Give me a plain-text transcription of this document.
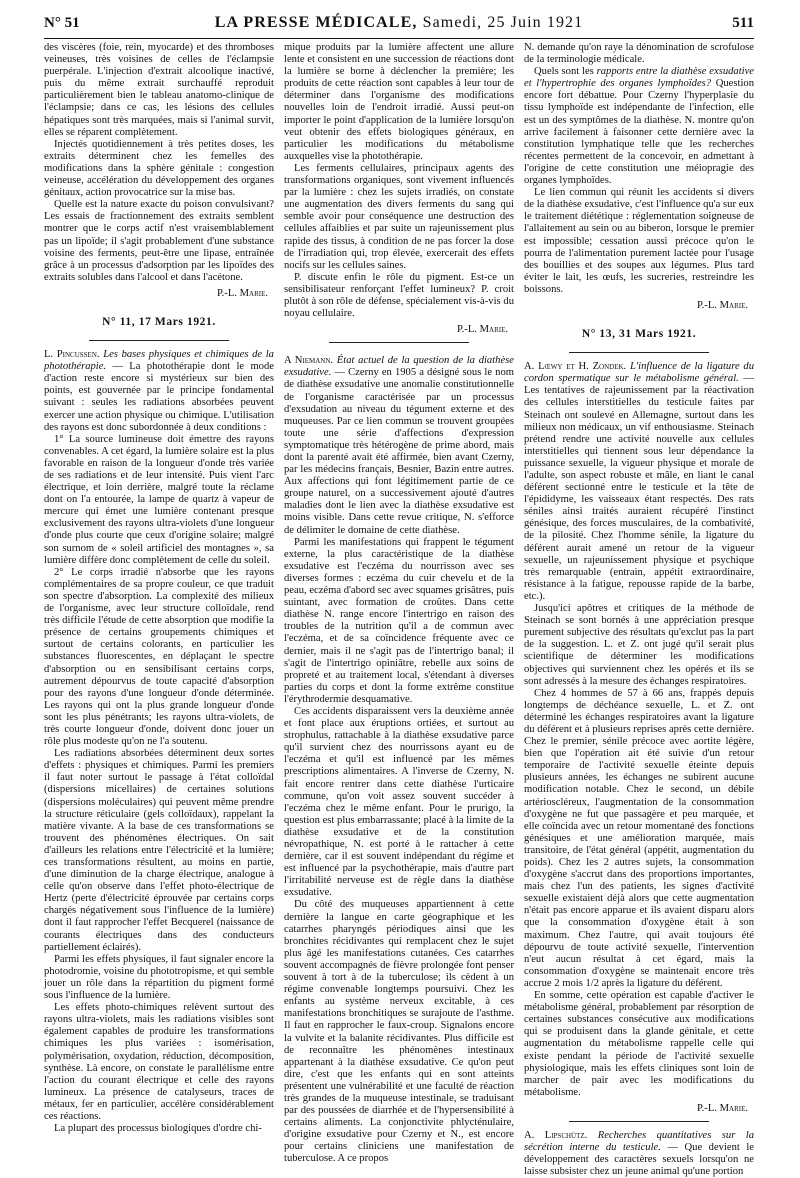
N° 51	LA PRESSE MÉDICALE, Samedi, 25 Juin 1921	511

des viscères (foie, rein, myocarde) et des thromboses veineuses, très voisines de celles de l'éclampsie puerpérale. L'injection d'extrait alcoolique inactivé, puis du même extrait surchauffé reproduit particulièrement bien le tableau anatomo-clinique de l'éclampsie; dans ce cas, les lésions des cellules hépatiques sont très marquées, mais si l'animal survit, elles se réparent complètement.

Injectés quotidiennement à très petites doses, les extraits déterminent chez les femelles des modifications dans la sphère génitale : congestion veineuse, accélération du développement des organes génitaux, action provocatrice sur la mise bas.

Quelle est la nature exacte du poison convulsivant? Les essais de fractionnement des extraits semblent montrer que le corps actif n'est vraisemblablement pas un lipoïde; il s'agit probablement d'une substance voisine des ferments, peut-être une lipase, entraînée grâce à un processus d'adsorption par les lipoïdes des extraits solubles dans l'alcool et dans l'acétone.

P.-L. Marie.
N° 11, 17 Mars 1921.

L. Pincussen. Les bases physiques et chimiques de la photothérapie. — La photothérapie dont le mode d'action reste encore si mystérieux sur bien des points, est gouvernée par le principe fondamental suivant : seules les radiations absorbées peuvent exercer une action physique ou chimique. L'utilisation des rayons est donc subordonnée à deux conditions :

1° La source lumineuse doit émettre des rayons convenables. A cet égard, la lumière solaire est la plus favorable en raison de la longueur d'onde très variée de ses radiations et de leur intensité. Puis vient l'arc électrique, et loin derrière, malgré toute la réclame dont on l'a entourée, la lampe de quartz à vapeur de mercure qui émet une lumière contenant presque exclusivement des rayons ultra-violets d'une longueur d'onde plus courte que ceux d'origine solaire; malgré son surnom de « soleil artificiel des montagnes », sa lumière diffère donc complètement de celle du soleil.

2° Le corps irradié n'absorbe que les rayons complémentaires de sa propre couleur, ce que traduit son spectre d'absorption. La complexité des milieux de l'organisme, avec leur structure colloïdale, rend très difficile l'étude de cette absorption que modifie la présence de certains groupements chimiques et surtout de certains colorants, en particulier les substances fluorescentes, en déplaçant le spectre d'absorption ou en sensibilisant certains corps, autrement dépourvus de toute capacité d'absorption pour des rayons d'une longueur d'onde déterminée. Les rayons qui ont la plus grande longueur d'onde sont les plus pénétrants; les rayons ultra-violets, de très courte longueur d'onde, doivent donc jouer un rôle plus modeste qu'on ne l'a soutenu.

Les radiations absorbées déterminent deux sortes d'effets : physiques et chimiques. Parmi les premiers il faut noter surtout le passage à l'état colloïdal (dispersions micellaires) de certaines solutions (dispersions moléculaires) qui peuvent même prendre la structure réticulaire (gels colloïdaux), rappelant la matière vivante. A la base de ces transformations se trouvent des phénomènes électriques. On sait d'ailleurs les relations entre l'électricité et la lumière; ces transformations résultent, au moins en partie, d'une diminution de la charge électrique, analogue à celle qu'on observe dans l'effet photo-électrique de Hertz (perte d'électricité éprouvée par certains corps chargés négativement sous l'influence de la lumière) dont il faut rapprocher l'effet Becquerel (naissance de courants électriques dans des conducteurs partiellement éclairés).

Parmi les effets physiques, il faut signaler encore la photodromie, voisine du phototropisme, et qui semble jouer un rôle dans la répartition du pigment formé sous l'influence de la lumière.

Les effets photo-chimiques relèvent surtout des rayons ultra-violets, mais les radiations visibles sont également capables de produire les transformations chimiques les plus variées : isomérisation, polymérisation, oxydation, réduction, décomposition, synthèse. Là encore, on constate le parallélisme entre l'action du courant électrique et celle des rayons lumineux. La présence de catalyseurs, traces de métaux, fer en particulier, accélère considérablement ces réactions.

La plupart des processus biologiques d'ordre chi-

mique produits par la lumière affectent une allure lente et consistent en une succession de réactions dont la lumière se borne à déclencher la première; les produits de cette réaction sont capables à leur tour de déterminer dans l'organisme des modifications nouvelles loin de l'endroit irradié. Aussi peut-on importer le point d'application de la lumière lorsqu'on veut obtenir des effets biologiques généraux, en particulier les modifications du métabolisme auxquelles vise la photothérapie.

Les ferments cellulaires, principaux agents des transformations organiques, sont vivement influencés par la lumière : chez les sujets irradiés, on constate une augmentation des divers ferments du sang qui semble avoir pour conséquence une destruction des cellules affaiblies et par suite un rajeunissement plus rapide des tissus, à condition de ne pas forcer la dose de l'irradiation qui, trop élevée, exercerait des effets nocifs sur les cellules saines.

P. discute enfin le rôle du pigment. Est-ce un sensibilisateur renforçant l'effet lumineux? P. croit plutôt à son rôle de défense, spécialement vis-à-vis du noyau cellulaire.

P.-L. Marie.

A Niemann. État actuel de la question de la diathèse exsudative. — Czerny en 1905 a désigné sous le nom de diathèse exsudative une anomalie constitutionnelle de l'organisme caractérisée par un processus d'exsudation au niveau du tégument externe et des muqueuses. Par ce lien commun se trouvent groupées toute une série d'affections d'expression symptomatique très hétérogène de prime abord, mais dont la parenté avait été affirmée, bien avant Czerny, par les médecins français, Besnier, Bazin entre autres. Aux affections qui font légitimement partie de ce groupe naturel, on a successivement ajouté d'autres maladies dont le lien avec la diathèse exsudative est moins visible. Dans cette revue critique, N. s'efforce de délimiter le domaine de cette diathèse.

Parmi les manifestations qui frappent le tégument externe, la plus caractéristique de la diathèse exsudative est l'eczéma du nourrisson avec ses diverses formes : eczéma du cuir chevelu et de la peau, eczéma d'abord sec avec squames grisâtres, puis suintant, avec formation de croûtes. Dans cette diathèse N. range encore l'intertrigo en raison des troubles de la nutrition qu'il a de commun avec l'eczéma, et de sa coïncidence fréquente avec ce dernier, mais il ne s'agit pas de l'intertrigo banal; il s'agit de l'intertrigo opiniâtre, rebelle aux soins de propreté et au traitement local, s'étendant à diverses parties du corps et dont la forme extrême constitue l'érythrodermie desquamative.

Ces accidents disparaissent vers la deuxième année et font place aux éruptions ortiées, et surtout au strophulus, rattachable à la diathèse exsudative parce qu'il survient chez des nourrissons ayant eu de l'eczéma et qu'il est influencé par les mêmes prescriptions alimentaires. A l'inverse de Czerny, N. fait encore rentrer dans cette diathèse l'urticaire commune, qu'on voit assez souvent succéder à l'eczéma chez le même enfant. Pour le prurigo, la question est plus embarrassante; placé à la limite de la diathèse exsudative et de la constitution névropathique, N. est porté à le rattacher à cette dernière, car il est souvent indépendant du régime et est influencé par la psychothérapie, mais d'autre part l'irritabilité nerveuse est de règle dans la diathèse exsudative.

Du côté des muqueuses appartiennent à cette dernière la langue en carte géographique et les catarrhes pharyngés périodiques ainsi que les bronchites récidivantes qui remplacent chez le sujet plus âgé les manifestations cutanées. Ces catarrhes souvent accompagnés de fièvre prolongée font penser souvent à tort à de la tuberculose; ils cèdent à un régime convenable longtemps poursuivi. Chez les enfants au système nerveux excitable, à ces manifestations bronchitiques se surajoute de l'asthme. Il faut en rapprocher le faux-croup. Signalons encore la vulvite et la balanite récidivantes. Plus difficile est de reconnaître les phénomènes intestinaux appartenant à la diathèse exsudative. Ce qu'on peut dire, c'est que les enfants qui en sont atteints présentent une vulnérabilité et une faculté de réaction très grandes de la muqueuse intestinale, se traduisant par des poussées de diarrhée et de l'hypersensibilité à certains aliments. La conjonctivite phlycténulaire, d'origine exsudative pour Czerny et N., est encore pour certains cliniciens une manifestation de tuberculose. A ce propos

N. demande qu'on raye la dénomination de scrofulose de la terminologie médicale.

Quels sont les rapports entre la diathèse exsudative et l'hypertrophie des organes lymphoïdes? Question encore fort débattue. Pour Czerny l'hyperplasie du tissu lymphoïde est indépendante de l'infection, elle est un des symptômes de la diathèse. N. montre qu'on arrive facilement à faisonner cette dernière avec la constitution lymphatique telle que les recherches récentes permettent de la concevoir, en admettant à l'origine de cette constitution une méiopragie des organes lymphoïdes.

Le lien commun qui réunit les accidents si divers de la diathèse exsudative, c'est l'influence qu'a sur eux le traitement diététique : réglementation soigneuse de l'allaitement au sein ou au biberon, lorsque le premier est impossible; cessation aussi précoce qu'on le pourra de l'alimentation purement lactée pour l'usage des bouillies et des soupes aux légumes. Plus tard éviter le lait, les œufs, les sucreries, restreindre les boissons.

P.-L. Marie.
N° 13, 31 Mars 1921.

A. Lœwy et H. Zondek. L'influence de la ligature du cordon spermatique sur le métabolisme général. — Les tentatives de rajeunissement par la réactivation des cellules interstitielles du testicule faites par Steinach ont soulevé en Allemagne, surtout dans les milieux non médicaux, un vif enthousiasme. Steinach prétend rendre une activité nouvelle aux cellules interstitielles qui tiennent sous leur dépendance la puissance sexuelle, la vigueur physique et morale de l'adulte, son aspect robuste et mâle, en liant le canal déférent sectionné entre le testicule et la tête de l'épididyme, les vaisseaux étant respectés. Des rats séniles ainsi traités auraient récupéré l'instinct génésique, des forces musculaires, de la combativité, de la pilosité. Chez l'homme sénile, la ligature du déférent aurait amené un retour de la vigueur sexuelle, un rajeunissement physique et psychique très remarquable (entrain, appétit extraordinaire, résistance à la fatigue, repousse rapide de la barbe, etc.).

Jusqu'ici apôtres et critiques de la méthode de Steinach se sont bornés à une appréciation presque purement subjective des résultats qu'exclut pas la part de la suggestion. L. et Z. ont jugé qu'il serait plus scientifique de déterminer les modifications objectives qui surviennent chez les opérés et ils se sont adressés à la mesure des échanges respiratoires.

Chez 4 hommes de 57 à 66 ans, frappés depuis longtemps de déchéance sexuelle, L. et Z. ont déterminé les échanges respiratoires avant la ligature du déférent et à plusieurs reprises après cette dernière. Chez le premier, sénile précoce avec aortite légère, bien que l'opération ait été suivie d'un retour temporaire de l'activité sexuelle éteinte depuis plusieurs années, les échanges ne subirent aucune modification notable. Chez le second, un débile artérioscléreux, l'augmentation de la consommation d'oxygène ne fut que passagère et peu marquée, et elle coïncida avec un retour momentané des fonctions génésiques et une amélioration marquée, mais transitoire, de l'état général (appétit, augmentation du poids). Chez les 2 autres sujets, la consommation d'oxygène s'accrut dans des proportions importantes, mais chez l'un des patients, les signes d'activité sexuelle existaient déjà alors que cette augmentation n'était pas encore apparue et ils avaient disparu alors que la consommation d'oxygène était à son maximum. Chez l'autre, qui avait toujours été dépourvu de toute activité sexuelle, l'intervention n'eut aucun résultat à cet égard, mais la consommation d'oxygène se maintenait encore très accrue 2 mois 1/2 après la ligature du déférent.

En somme, cette opération est capable d'activer le métabolisme général, probablement par résorption de certaines substances consécutive aux modifications qui se produisent dans la glande génitale, et cette augmentation du métabolisme rappelle celle qui existe pendant la période de l'activité sexuelle physiologique, mais les effets cliniques sont loin de marcher de pair avec les modifications du métabolisme.

P.-L. Marie.

A. Lipschütz. Recherches quantitatives sur la sécrétion interne du testicule. — Que devient le développement des caractères sexuels lorsqu'on ne laisse subsister chez un jeune animal qu'une portion
